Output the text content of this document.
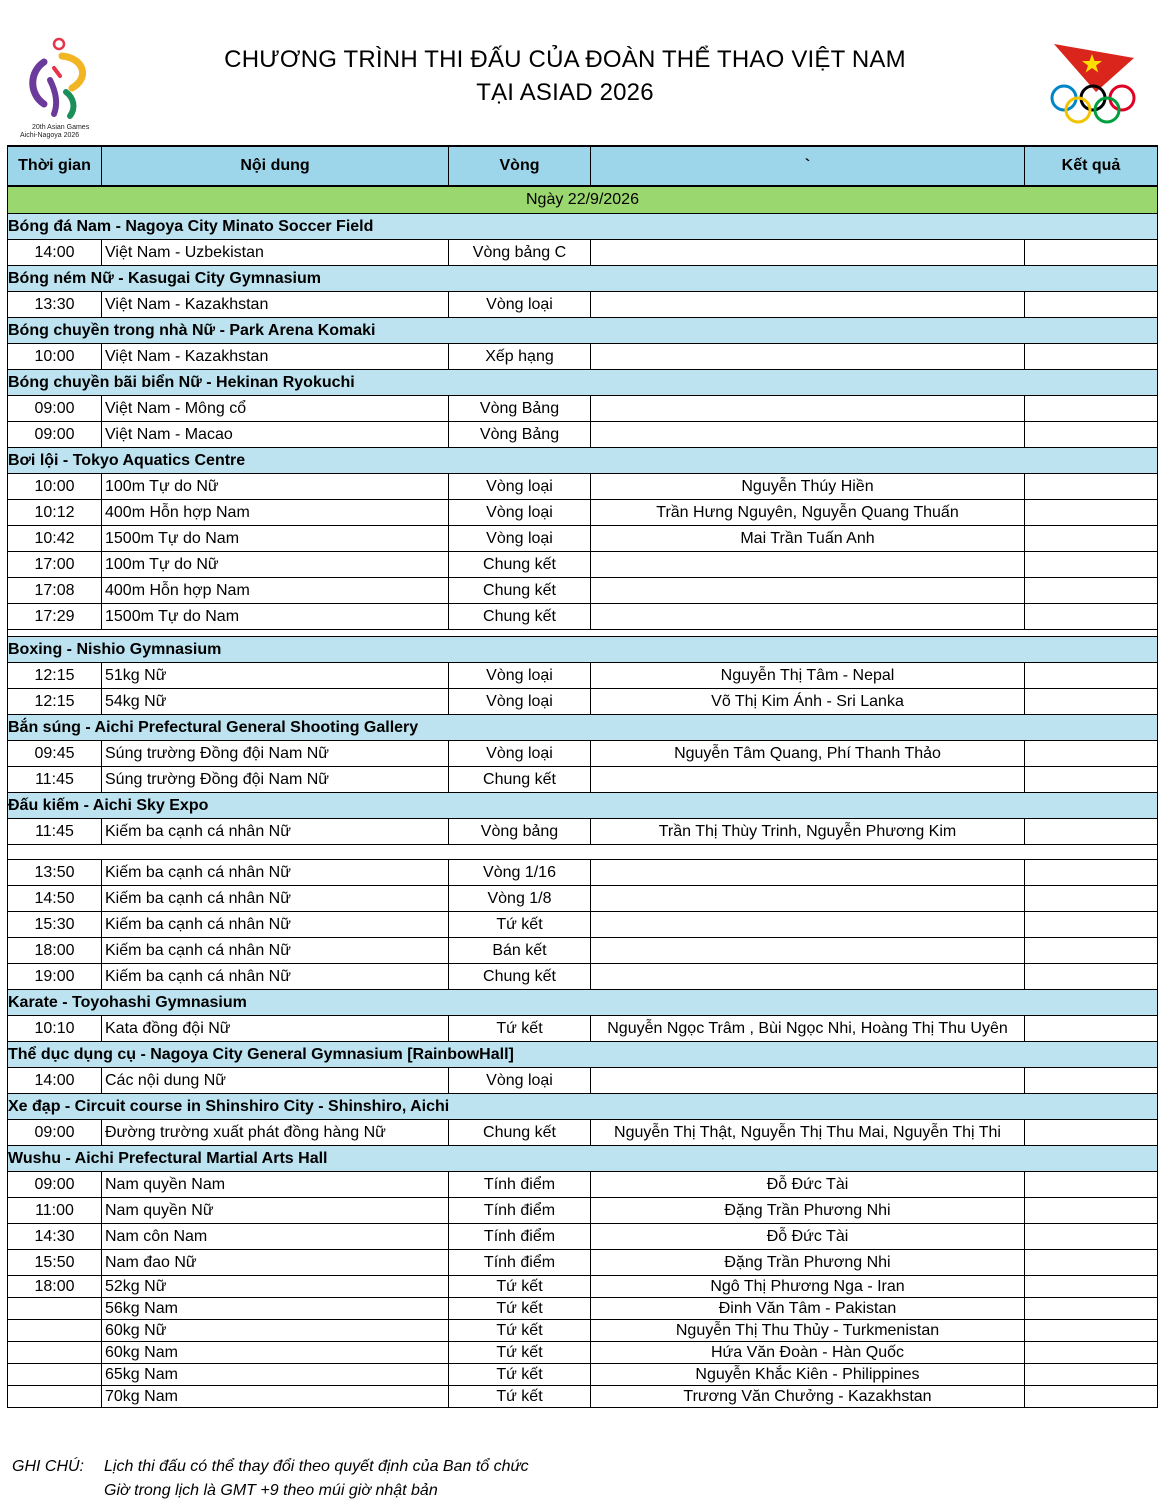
20th Asian Games
Aichi-Nagoya 2026
CHƯƠNG TRÌNH THI ĐẤU CỦA ĐOÀN THỂ THAO VIỆT NAM
TẠI ASIAD 2026
Thời gian	Nội dung	Vòng	`	Kết quả
Ngày 22/9/2026				
Bóng đá Nam - Nagoya City Minato Soccer Field				
14:00	Việt Nam - Uzbekistan	Vòng bảng C		
Bóng ném Nữ - Kasugai City Gymnasium				
13:30	Việt Nam - Kazakhstan	Vòng loại		
Bóng chuyền trong nhà Nữ - Park Arena Komaki				
10:00	Việt Nam - Kazakhstan	Xếp hạng		
Bóng chuyền bãi biển Nữ - Hekinan Ryokuchi				
09:00	Việt Nam - Mông cổ	Vòng Bảng		
09:00	Việt Nam - Macao	Vòng Bảng		
Bơi lội - Tokyo Aquatics Centre				
10:00	100m Tự do Nữ	Vòng loại	Nguyễn Thúy Hiền	
10:12	400m Hỗn hợp Nam	Vòng loại	Trần Hưng Nguyên, Nguyễn Quang Thuấn	
10:42	1500m Tự do Nam	Vòng loại	Mai Trần Tuấn Anh	
17:00	100m Tự do Nữ	Chung kết		
17:08	400m Hỗn hợp Nam	Chung kết		
17:29	1500m Tự do Nam	Chung kết		

Boxing - Nishio Gymnasium				
12:15	51kg Nữ	Vòng loại	Nguyễn Thị Tâm - Nepal	
12:15	54kg Nữ	Vòng loại	Võ Thị Kim Ánh - Sri Lanka	
Bắn súng - Aichi Prefectural General Shooting Gallery				
09:45	Súng trường Đồng đội Nam Nữ	Vòng loại	Nguyễn Tâm Quang, Phí Thanh Thảo	
11:45	Súng trường Đồng đội Nam Nữ	Chung kết		
Đấu kiếm - Aichi Sky Expo				
11:45	Kiếm ba cạnh cá nhân Nữ	Vòng bảng	Trần Thị Thùy Trinh, Nguyễn Phương Kim	

13:50	Kiếm ba cạnh cá nhân Nữ	Vòng 1/16		
14:50	Kiếm ba cạnh cá nhân Nữ	Vòng 1/8		
15:30	Kiếm ba cạnh cá nhân Nữ	Tứ kết		
18:00	Kiếm ba cạnh cá nhân Nữ	Bán kết		
19:00	Kiếm ba cạnh cá nhân Nữ	Chung kết		
Karate - Toyohashi Gymnasium				
10:10	Kata đồng đội Nữ	Tứ kết	Nguyễn Ngọc Trâm , Bùi Ngọc Nhi, Hoàng Thị Thu Uyên	
Thể dục dụng cụ - Nagoya City General Gymnasium [RainbowHall]				
14:00	Các nội dung Nữ	Vòng loại		
Xe đạp - Circuit course in Shinshiro City - Shinshiro, Aichi				
09:00	Đường trường xuất phát đồng hàng Nữ	Chung kết	Nguyễn Thị Thật, Nguyễn Thị Thu Mai, Nguyễn Thị Thi	
Wushu - Aichi Prefectural Martial Arts Hall				
09:00	Nam quyền Nam	Tính điểm	Đỗ Đức Tài	
11:00	Nam quyền Nữ	Tính điểm	Đặng Trần Phương Nhi	
14:30	Nam côn Nam	Tính điểm	Đỗ Đức Tài	
15:50	Nam đao Nữ	Tính điểm	Đặng Trần Phương Nhi	
18:00	52kg Nữ	Tứ kết	Ngô Thị Phương Nga - Iran	
	56kg Nam	Tứ kết	Đinh Văn Tâm - Pakistan	
	60kg Nữ	Tứ kết	Nguyễn Thị Thu Thủy - Turkmenistan	
	60kg Nam	Tứ kết	Hứa Văn Đoàn - Hàn Quốc	
	65kg Nam	Tứ kết	Nguyễn Khắc Kiên - Philippines	
	70kg Nam	Tứ kết	Trương Văn Chưởng - Kazakhstan	
GHI CHÚ: Lịch thi đấu có thể thay đổi theo quyết định của Ban tổ chức
Giờ trong lịch là GMT +9 theo múi giờ nhật bản
